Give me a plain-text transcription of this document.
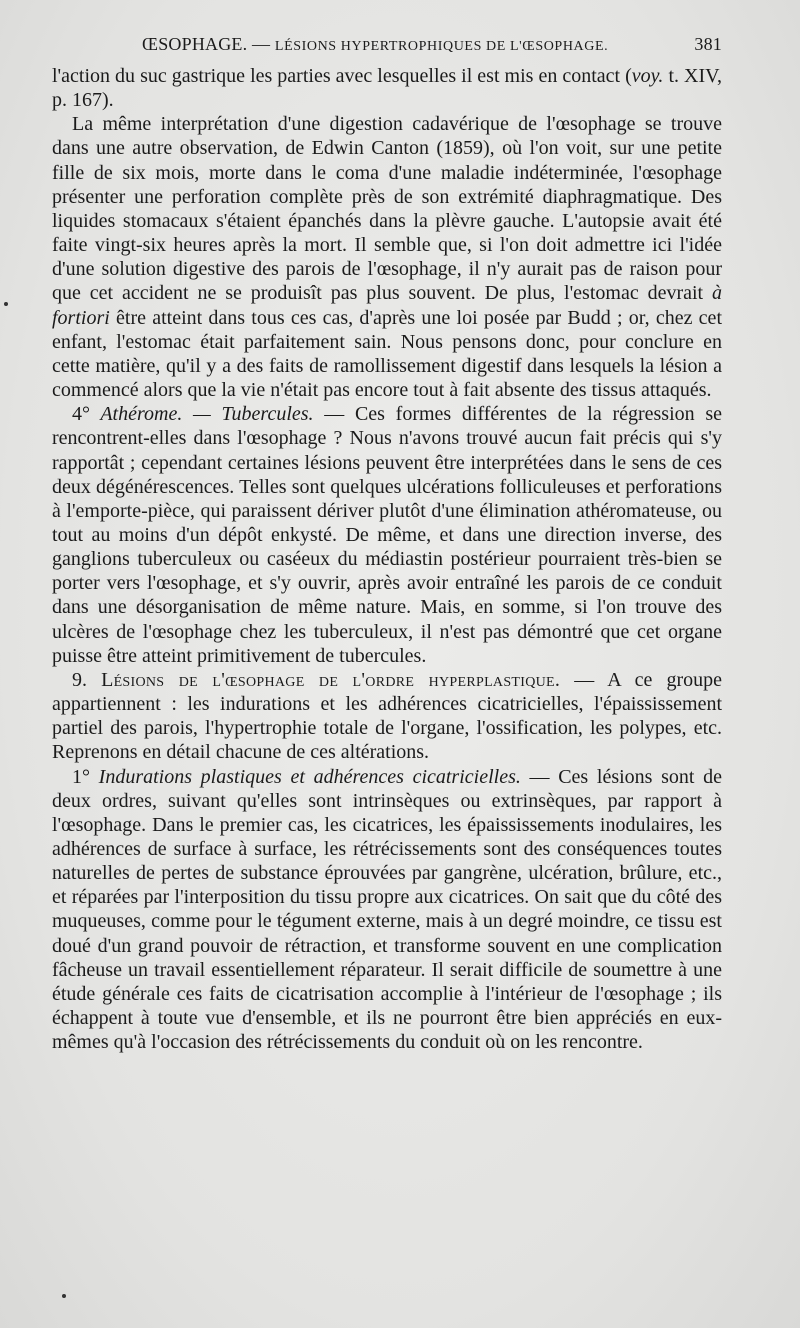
ŒSOPHAGE. — LÉSIONS HYPERTROPHIQUES DE L'ŒSOPHAGE.	381

l'action du suc gastrique les parties avec lesquelles il est mis en contact (voy. t. XIV, p. 167).

La même interprétation d'une digestion cadavérique de l'œsophage se trouve dans une autre observation, de Edwin Canton (1859), où l'on voit, sur une petite fille de six mois, morte dans le coma d'une maladie indéterminée, l'œsophage présenter une perforation complète près de son extrémité diaphragmatique. Des liquides stomacaux s'étaient épanchés dans la plèvre gauche. L'autopsie avait été faite vingt-six heures après la mort. Il semble que, si l'on doit admettre ici l'idée d'une solution digestive des parois de l'œsophage, il n'y aurait pas de raison pour que cet accident ne se produisît pas plus souvent. De plus, l'estomac devrait à fortiori être atteint dans tous ces cas, d'après une loi posée par Budd ; or, chez cet enfant, l'estomac était parfaitement sain. Nous pensons donc, pour conclure en cette matière, qu'il y a des faits de ramollissement digestif dans lesquels la lésion a commencé alors que la vie n'était pas encore tout à fait absente des tissus attaqués.

4° Athérome. — Tubercules. — Ces formes différentes de la régression se rencontrent-elles dans l'œsophage ? Nous n'avons trouvé aucun fait précis qui s'y rapportât ; cependant certaines lésions peuvent être interprétées dans le sens de ces deux dégénérescences. Telles sont quelques ulcérations folliculeuses et perforations à l'emporte-pièce, qui paraissent dériver plutôt d'une élimination athéromateuse, ou tout au moins d'un dépôt enkysté. De même, et dans une direction inverse, des ganglions tuberculeux ou caséeux du médiastin postérieur pourraient très-bien se porter vers l'œsophage, et s'y ouvrir, après avoir entraîné les parois de ce conduit dans une désorganisation de même nature. Mais, en somme, si l'on trouve des ulcères de l'œsophage chez les tuberculeux, il n'est pas démontré que cet organe puisse être atteint primitivement de tubercules.

9. Lésions de l'œsophage de l'ordre hyperplastique. — A ce groupe appartiennent : les indurations et les adhérences cicatricielles, l'épaississement partiel des parois, l'hypertrophie totale de l'organe, l'ossification, les polypes, etc. Reprenons en détail chacune de ces altérations.

1° Indurations plastiques et adhérences cicatricielles. — Ces lésions sont de deux ordres, suivant qu'elles sont intrinsèques ou extrinsèques, par rapport à l'œsophage. Dans le premier cas, les cicatrices, les épaississements inodulaires, les adhérences de surface à surface, les rétrécissements sont des conséquences toutes naturelles de pertes de substance éprouvées par gangrène, ulcération, brûlure, etc., et réparées par l'interposition du tissu propre aux cicatrices. On sait que du côté des muqueuses, comme pour le tégument externe, mais à un degré moindre, ce tissu est doué d'un grand pouvoir de rétraction, et transforme souvent en une complication fâcheuse un travail essentiellement réparateur. Il serait difficile de soumettre à une étude générale ces faits de cicatrisation accomplie à l'intérieur de l'œsophage ; ils échappent à toute vue d'ensemble, et ils ne pourront être bien appréciés en eux-mêmes qu'à l'occasion des rétrécissements du conduit où on les rencontre.
